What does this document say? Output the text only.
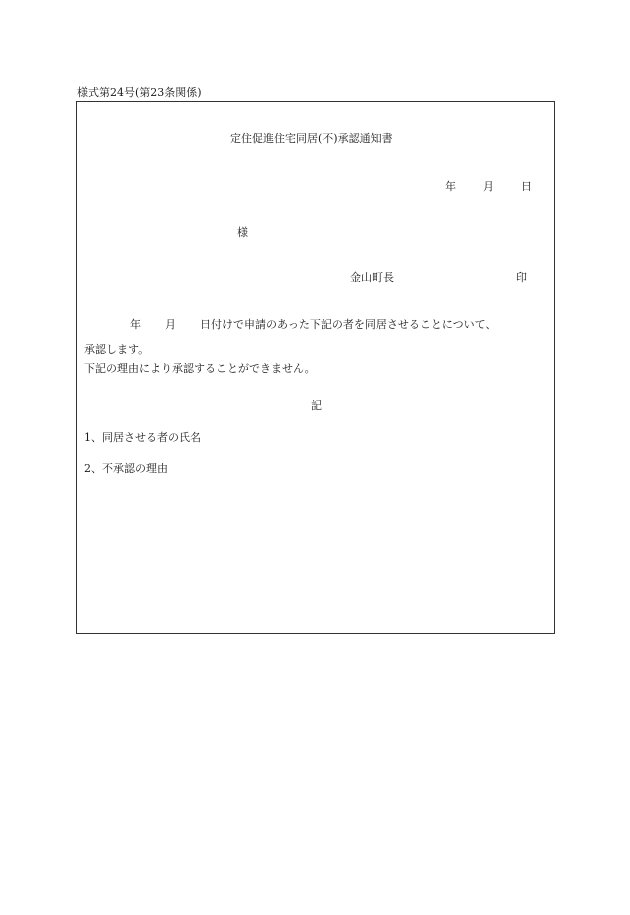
様式第24号(第23条関係)
定住促進住宅同居(不)承認通知書
年 月 日
様
金山町長	印
年 月 日付けで申請のあった下記の者を同居させることについて、
承認します。
下記の理由により承認することができません。
記
1、同居させる者の氏名
2、不承認の理由
